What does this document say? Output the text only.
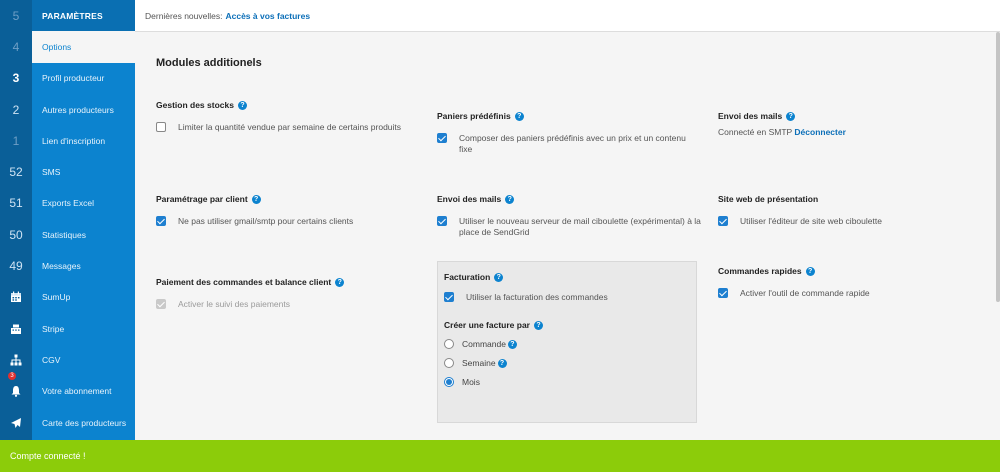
5
4
3
2
1
52
51
50
49
3
PARAMÈTRES
Options
Profil producteur
Autres producteurs
Lien d'inscription
SMS
Exports Excel
Statistiques
Messages
SumUp
Stripe
CGV
Votre abonnement
Carte des producteurs
Dernières nouvelles: Accès à vos factures
Modules additionels
Gestion des stocks ?
Limiter la quantité vendue par semaine de certains produits
Paniers prédéfinis ?
Composer des paniers prédéfinis avec un prix et un contenu fixe
Envoi des mails ?
Connecté en SMTP Déconnecter
Paramétrage par client ?
Ne pas utiliser gmail/smtp pour certains clients
Envoi des mails ?
Utiliser le nouveau serveur de mail ciboulette (expérimental) à la place de SendGrid
Site web de présentation
Utiliser l'éditeur de site web ciboulette
Paiement des commandes et balance client ?
Activer le suivi des paiements
Commandes rapides ?
Activer l'outil de commande rapide
Facturation ?
Utiliser la facturation des commandes
Créer une facture par ?
Commande ?
Semaine ?
Mois
Compte connecté !
